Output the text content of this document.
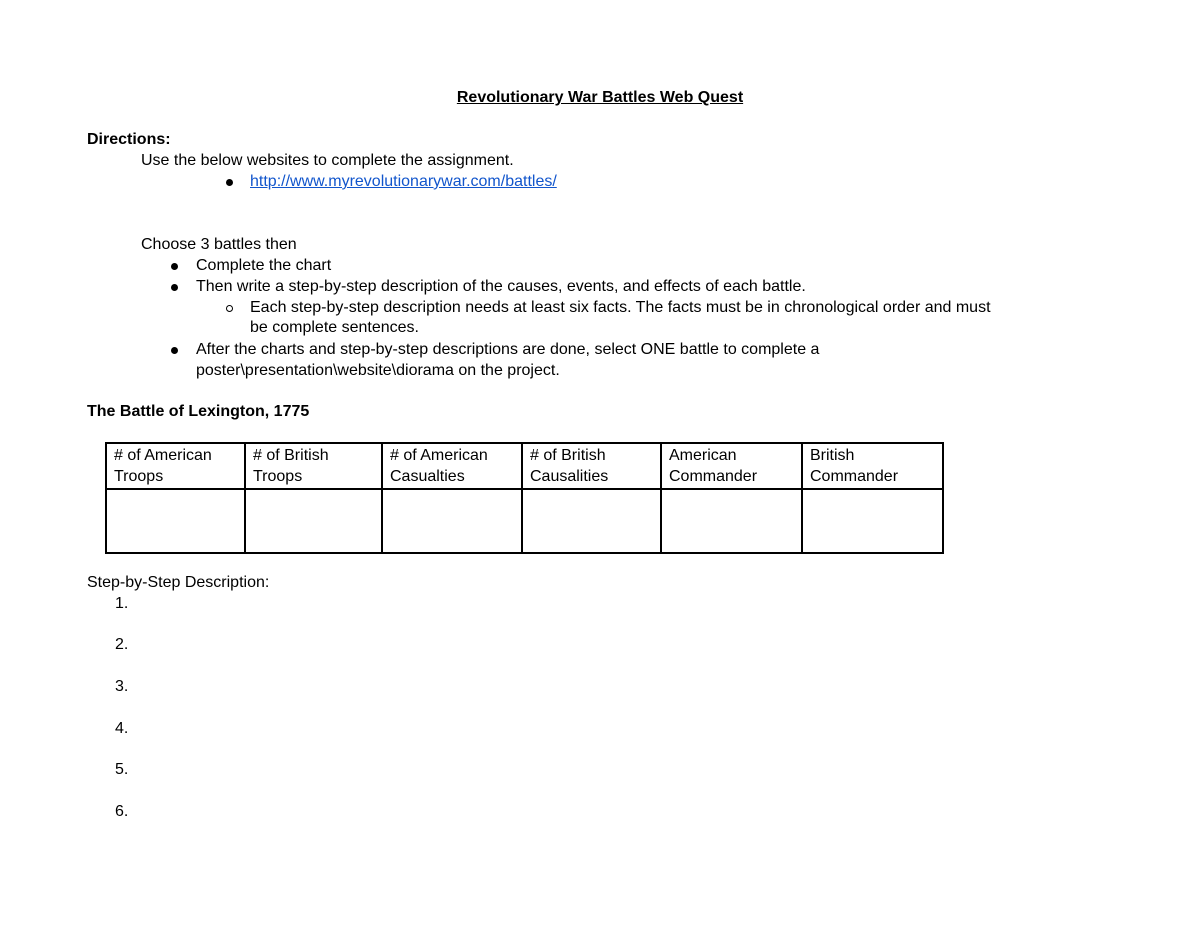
Revolutionary War Battles Web Quest
Directions:
Use the below websites to complete the assignment.
http://www.myrevolutionarywar.com/battles/
Choose 3 battles then
Complete the chart
Then write a step-by-step description of the causes, events, and effects of each battle.
Each step-by-step description needs at least six facts. The facts must be in chronological order and must
be complete sentences.
After the charts and step-by-step descriptions are done, select ONE battle to complete a
poster\presentation\website\diorama on the project.
The Battle of Lexington, 1775
# of American Troops	# of British Troops	# of American Casualties	# of British Causalities	American Commander	British Commander

Step-by-Step Description:
1.
2.
3.
4.
5.
6.
